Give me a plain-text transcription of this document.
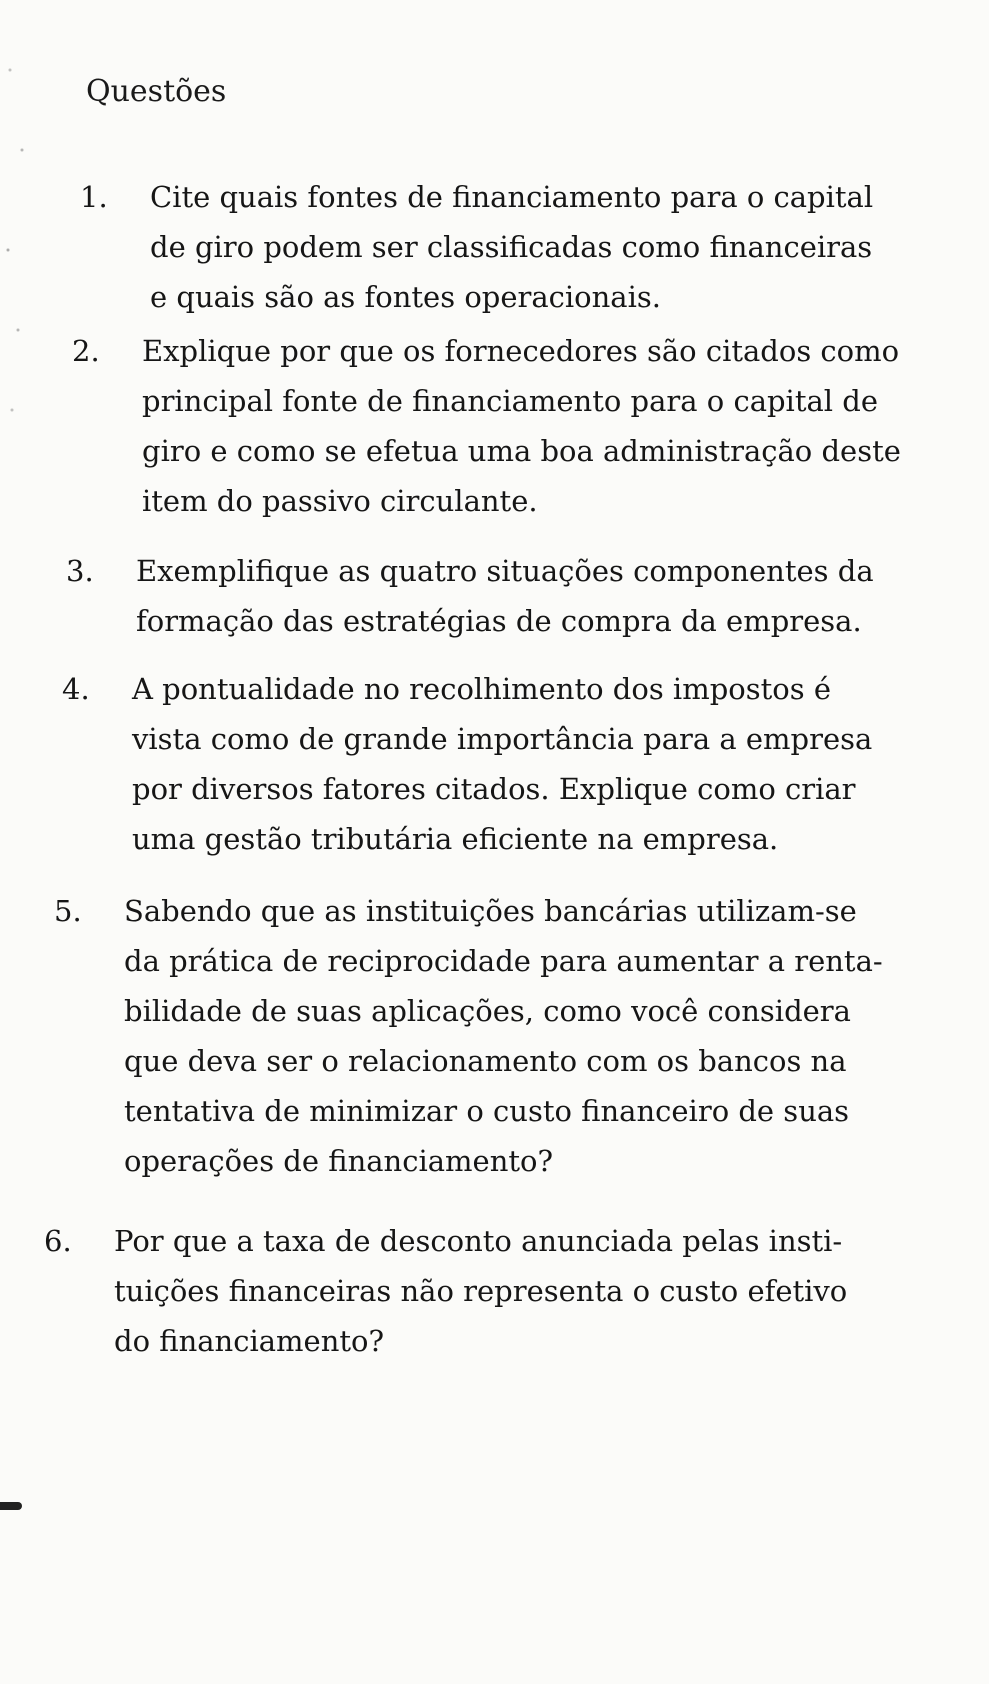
Questões
1.	Cite quais fontes de financiamento para o capital
de giro podem ser classificadas como financeiras
e quais são as fontes operacionais.
2.	Explique por que os fornecedores são citados como
principal fonte de financiamento para o capital de
giro e como se efetua uma boa administração deste
item do passivo circulante.
3.	Exemplifique as quatro situações componentes da
formação das estratégias de compra da empresa.
4.	A pontualidade no recolhimento dos impostos é
vista como de grande importância para a empresa
por diversos fatores citados. Explique como criar
uma gestão tributária eficiente na empresa.
5.	Sabendo que as instituições bancárias utilizam-se
da prática de reciprocidade para aumentar a renta-
bilidade de suas aplicações, como você considera
que deva ser o relacionamento com os bancos na
tentativa de minimizar o custo financeiro de suas
operações de financiamento?
6.	Por que a taxa de desconto anunciada pelas insti-
tuições financeiras não representa o custo efetivo
do financiamento?
